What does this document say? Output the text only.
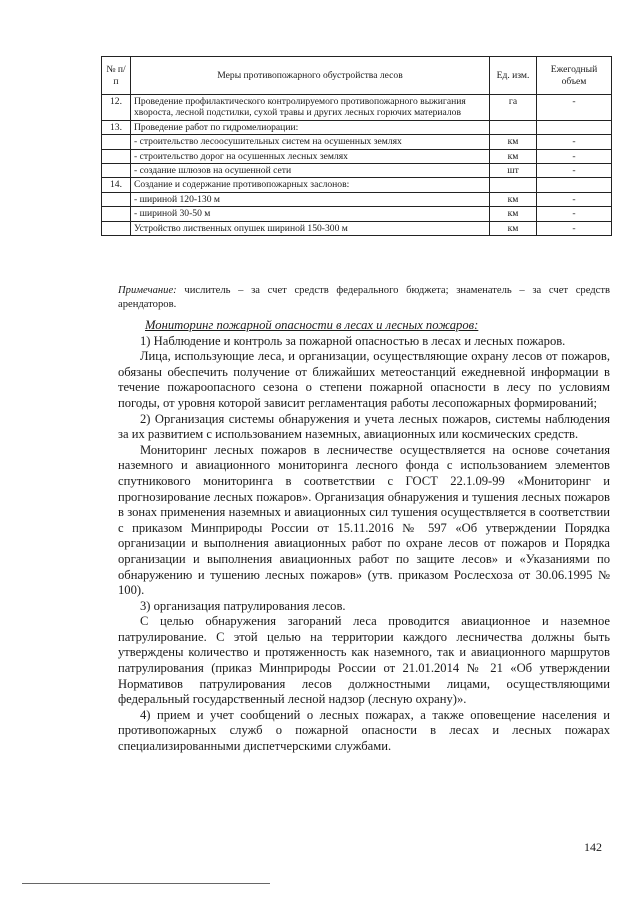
№ п/п	Меры противопожарного обустройства лесов	Ед. изм.	Ежегодный объем
12.	Проведение профилактического контролируемого противопожарного выжигания хвороста, лесной подстилки, сухой травы и других лесных горючих материалов	га	-
13.	Проведение работ по гидромелиорации:		
	- строительство лесоосушительных систем на осушенных землях	км	-
	- строительство дорог на осушенных лесных землях	км	-
	- создание шлюзов на осушенной сети	шт	-
14.	Создание и содержание противопожарных заслонов:		
	- шириной 120-130 м	км	-
	- шириной 30-50 м	км	-
	Устройство лиственных опушек шириной 150-300 м	км	-
Примечание: числитель – за счет средств федерального бюджета; знаменатель – за счет средств арендаторов.

Мониторинг пожарной опасности в лесах и лесных пожаров:

1) Наблюдение и контроль за пожарной опасностью в лесах и лесных пожаров.

Лица, использующие леса, и организации, осуществляющие охрану лесов от пожаров, обязаны обеспечить получение от ближайших метеостанций ежедневной информации в течение пожароопасного сезона о степени пожарной опасности в лесу по условиям погоды, от уровня которой зависит регламентация работы лесопожарных формирований;

2) Организация системы обнаружения и учета лесных пожаров, системы наблюдения за их развитием с использованием наземных, авиационных или космических средств.

Мониторинг лесных пожаров в лесничестве осуществляется на основе сочетания наземного и авиационного мониторинга лесного фонда с использованием элементов спутникового мониторинга в соответствии с ГОСТ 22.1.09-99 «Мониторинг и прогнозирование лесных пожаров». Организация обнаружения и тушения лесных пожаров в зонах применения наземных и авиационных сил тушения осуществляется в соответствии с приказом Минприроды России от 15.11.2016 № 597 «Об утверждении Порядка организации и выполнения авиационных работ по охране лесов от пожаров и Порядка организации и выполнения авиационных работ по защите лесов» и «Указаниями по обнаружению и тушению лесных пожаров» (утв. приказом Рослесхоза от 30.06.1995 № 100).

3) организация патрулирования лесов.

С целью обнаружения загораний леса проводится авиационное и наземное патрулирование. С этой целью на территории каждого лесничества должны быть утверждены количество и протяженность как наземного, так и авиационного маршрутов патрулирования (приказ Минприроды России от 21.01.2014 № 21 «Об утверждении Нормативов патрулирования лесов должностными лицами, осуществляющими федеральный государственный лесной надзор (лесную охрану)».

4) прием и учет сообщений о лесных пожарах, а также оповещение населения и противопожарных служб о пожарной опасности в лесах и лесных пожарах специализированными диспетчерскими службами.

142
